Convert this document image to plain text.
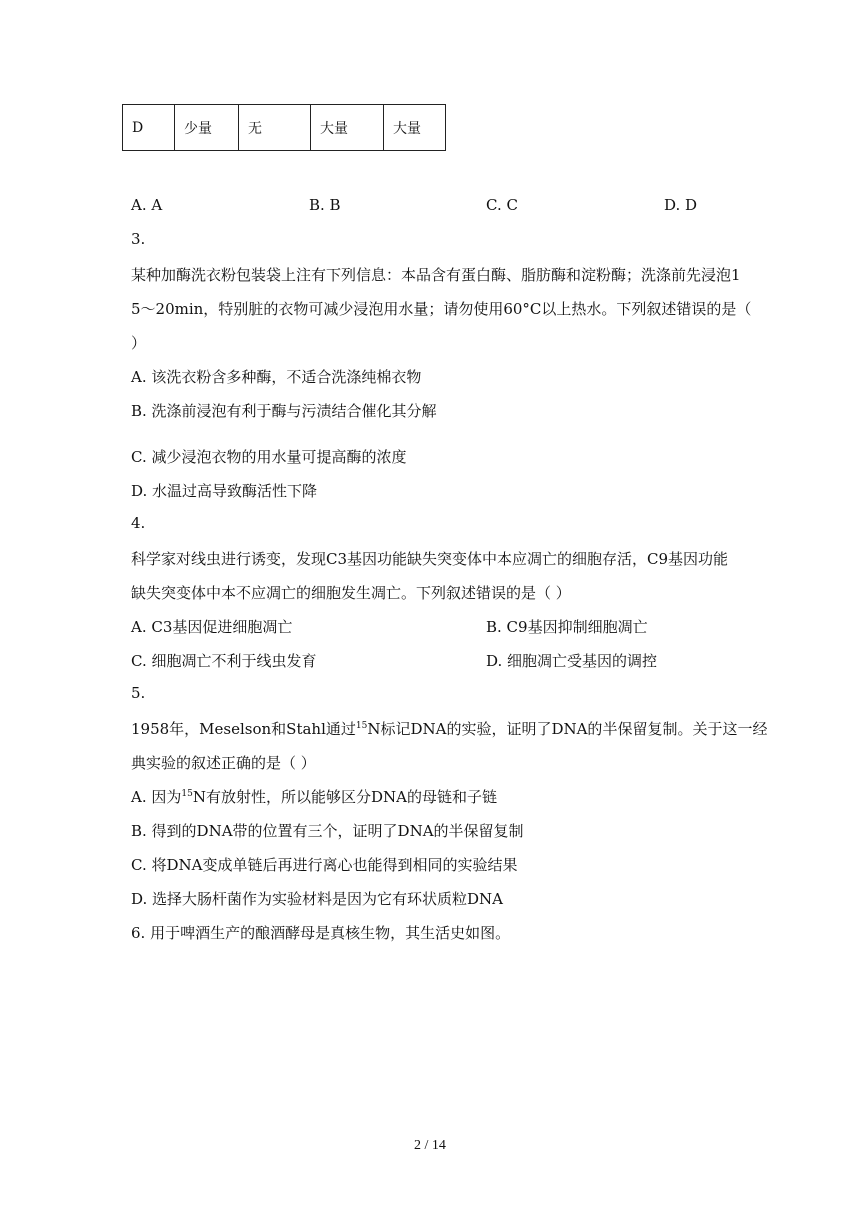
D	少量	无	大量	大量
A. A	B. B	C. C	D. D
3.
某种加酶洗衣粉包装袋上注有下列信息：本品含有蛋白酶、脂肪酶和淀粉酶；洗涤前先浸泡1
5～20min，特别脏的衣物可减少浸泡用水量；请勿使用60°C以上热水。下列叙述错误的是（
）
A. 该洗衣粉含多种酶，不适合洗涤纯棉衣物
B. 洗涤前浸泡有利于酶与污渍结合催化其分解
C. 减少浸泡衣物的用水量可提高酶的浓度
D. 水温过高导致酶活性下降
4.
科学家对线虫进行诱变，发现C3基因功能缺失突变体中本应凋亡的细胞存活，C9基因功能
缺失突变体中本不应凋亡的细胞发生凋亡。下列叙述错误的是（ ）
A. C3基因促进细胞凋亡	B. C9基因抑制细胞凋亡
C. 细胞凋亡不利于线虫发育	D. 细胞凋亡受基因的调控
5.
1958年，Meselson和Stahl通过$^{15}$N标记DNA的实验，证明了DNA的半保留复制。关于这一经
典实验的叙述正确的是（ ）
A. 因为$^{15}$N有放射性，所以能够区分DNA的母链和子链
B. 得到的DNA带的位置有三个，证明了DNA的半保留复制
C. 将DNA变成单链后再进行离心也能得到相同的实验结果
D. 选择大肠杆菌作为实验材料是因为它有环状质粒DNA
6. 用于啤酒生产的酿酒酵母是真核生物，其生活史如图。
2 / 14
